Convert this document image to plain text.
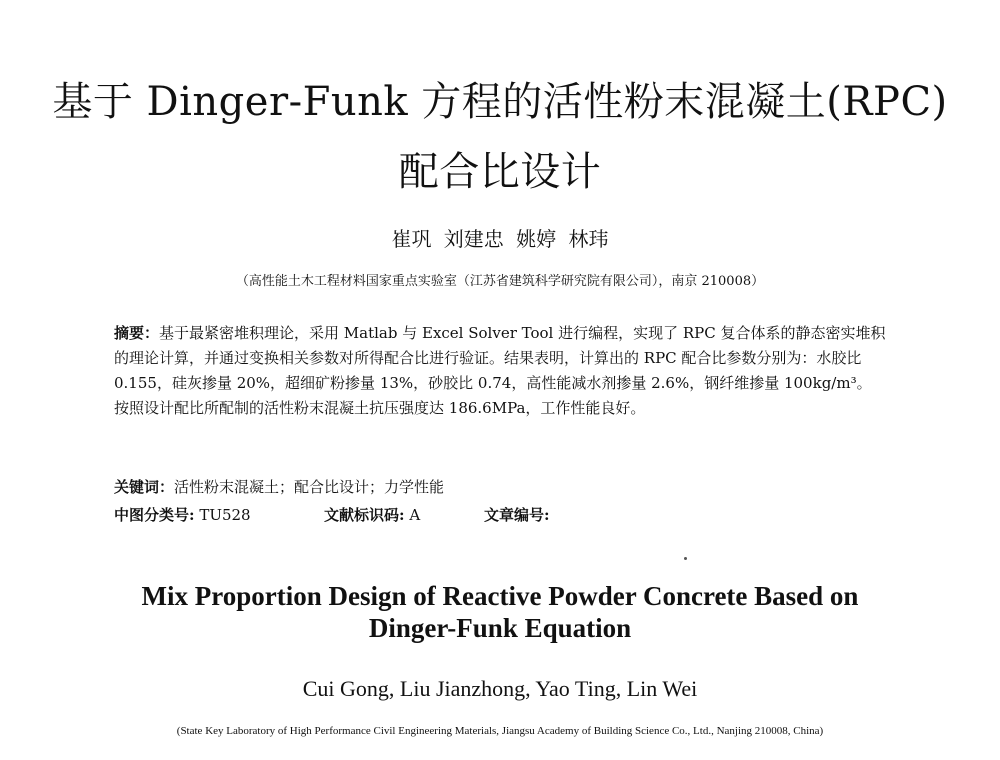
基于 Dinger-Funk 方程的活性粉末混凝土(RPC)
配合比设计
崔巩 刘建忠 姚婷 林玮
（高性能土木工程材料国家重点实验室（江苏省建筑科学研究院有限公司），南京 210008）

摘要：基于最紧密堆积理论，采用 Matlab 与 Excel Solver Tool 进行编程，实现了 RPC 复合体系的静态密实堆积的理论计算，并通过变换相关参数对所得配合比进行验证。结果表明，计算出的 RPC 配合比参数分别为：水胶比 0.155，硅灰掺量 20%，超细矿粉掺量 13%，砂胶比 0.74，高性能减水剂掺量 2.6%，钢纤维掺量 100kg/m³。按照设计配比所配制的活性粉末混凝土抗压强度达 186.6MPa，工作性能良好。

关键词：活性粉末混凝土；配合比设计；力学性能
中图分类号: TU528	文献标识码: A	文章编号:
Mix Proportion Design of Reactive Powder Concrete Based on
Dinger-Funk Equation
Cui Gong, Liu Jianzhong, Yao Ting, Lin Wei
(State Key Laboratory of High Performance Civil Engineering Materials, Jiangsu Academy of Building Science Co., Ltd., Nanjing 210008, China)
